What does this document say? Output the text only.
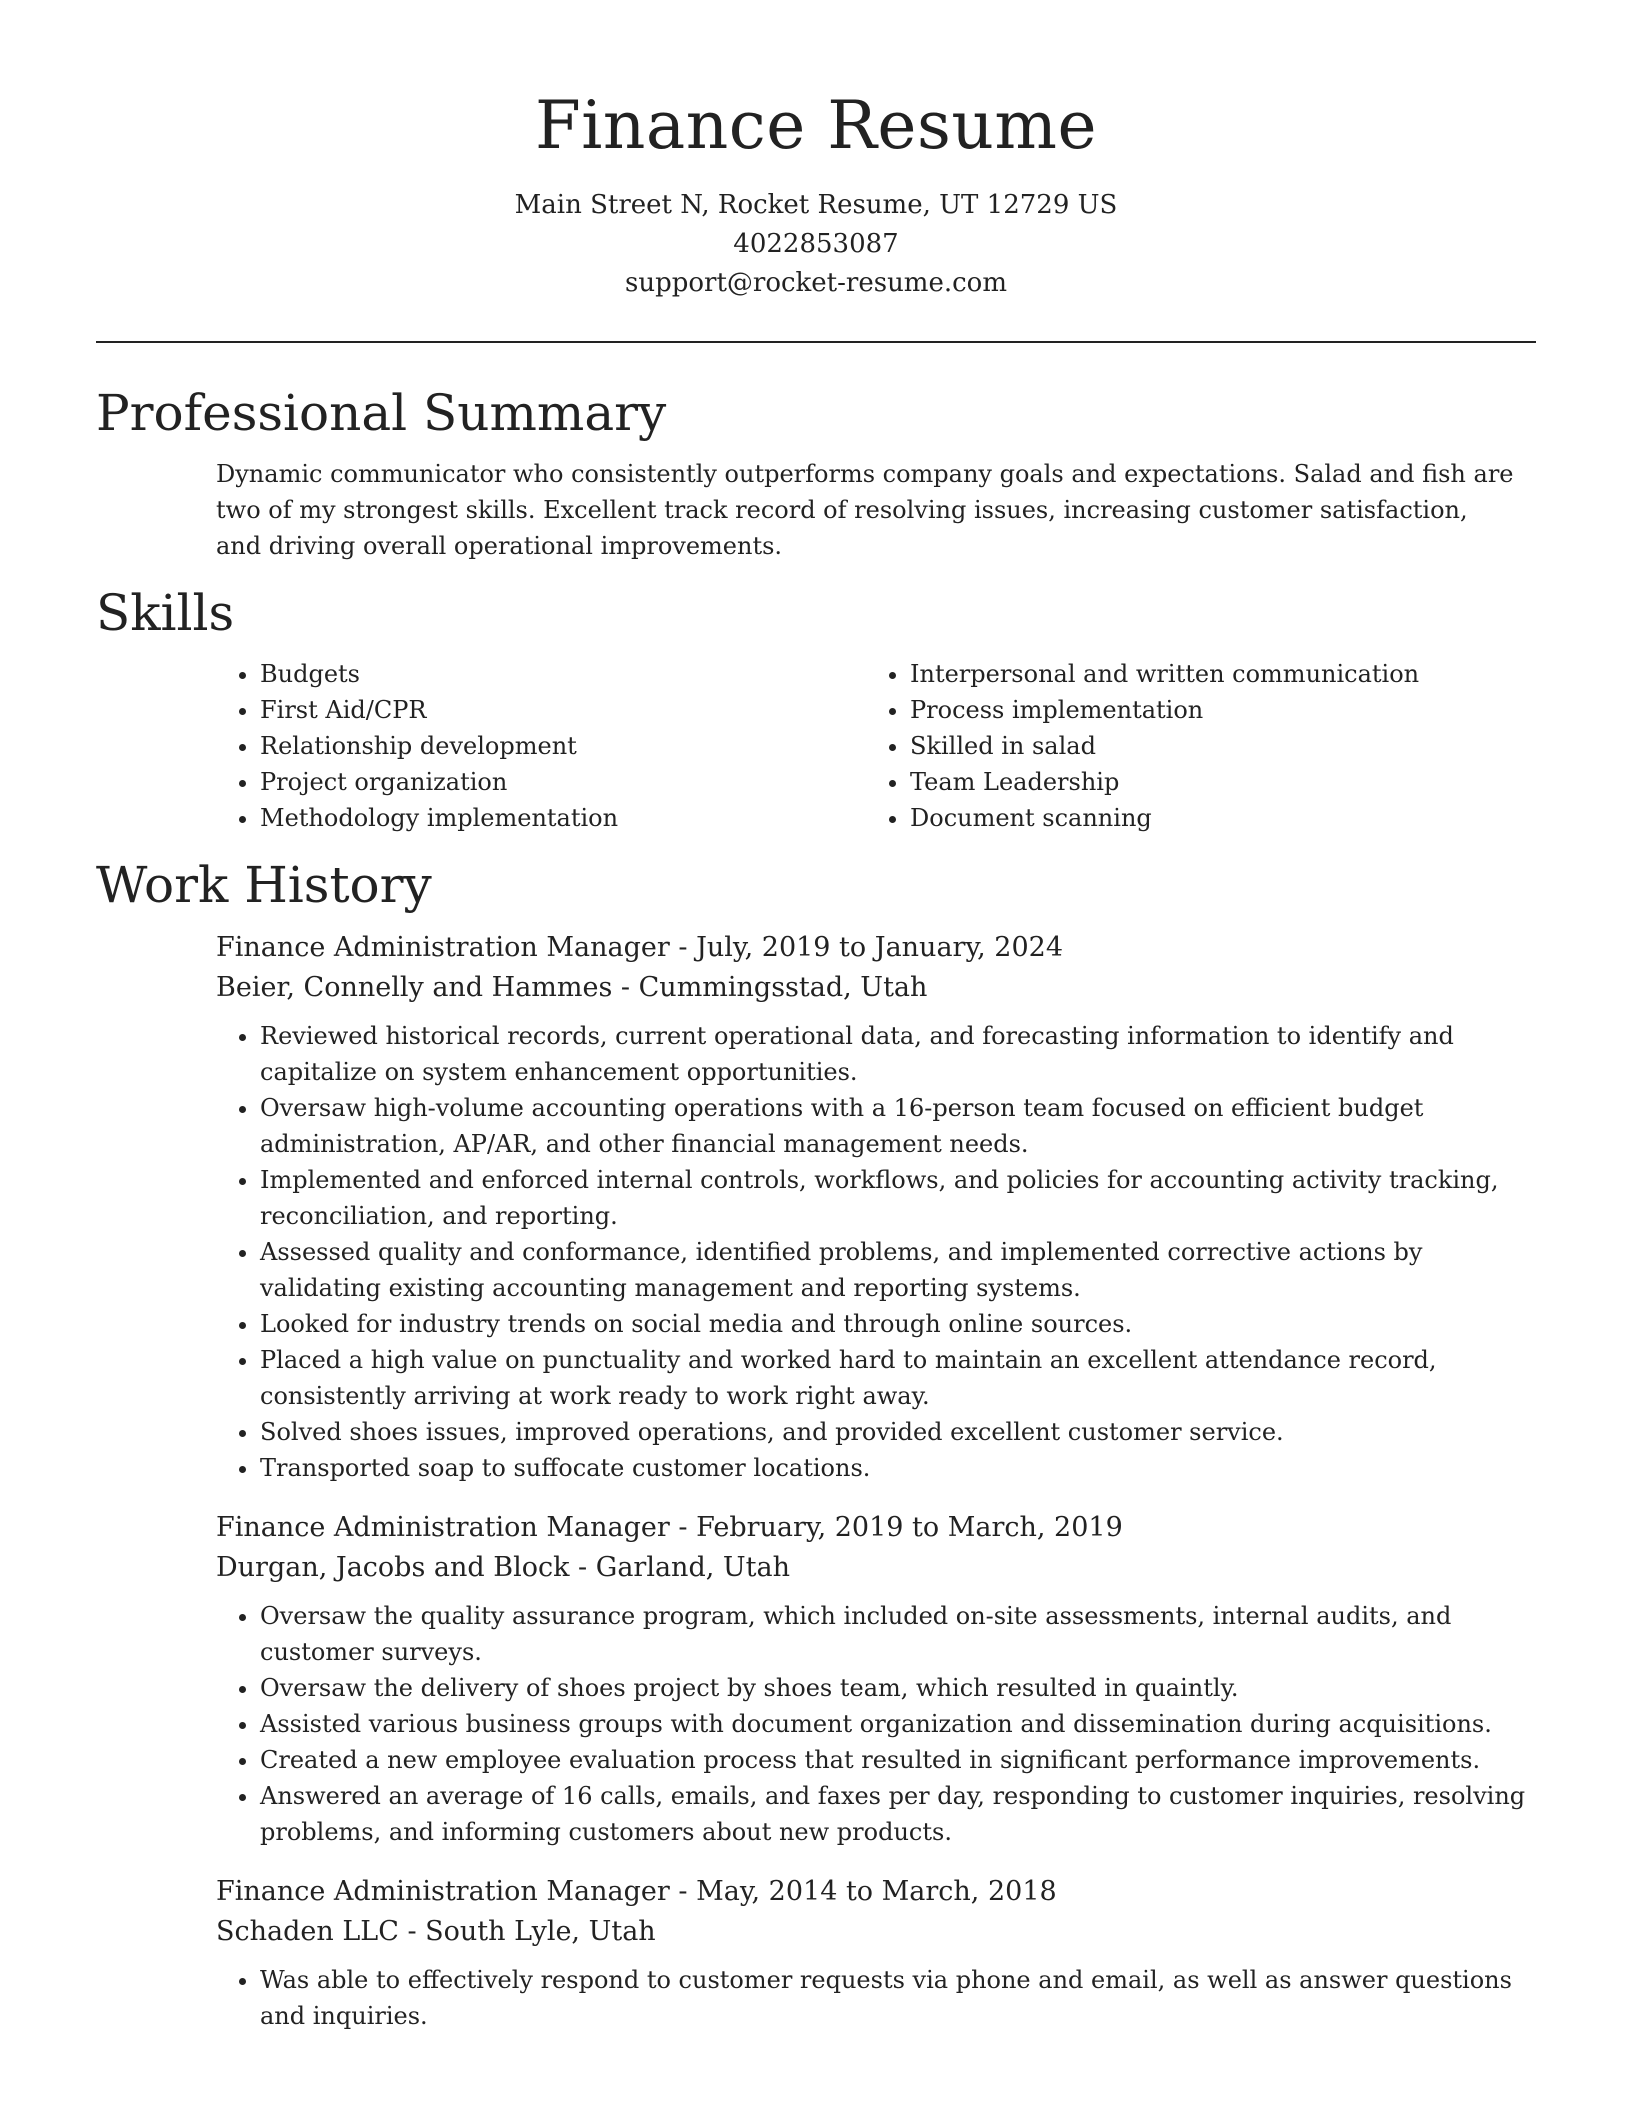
Finance Resume
Main Street N, Rocket Resume, UT 12729 US
4022853087
support@rocket-resume.com
Professional Summary
Dynamic communicator who consistently outperforms company goals and expectations. Salad and fish are two of my strongest skills. Excellent track record of resolving issues, increasing customer satisfaction, and driving overall operational improvements.
Skills
• Budgets
• First Aid/CPR
• Relationship development
• Project organization
• Methodology implementation
• Interpersonal and written communication
• Process implementation
• Skilled in salad
• Team Leadership
• Document scanning
Work History
Finance Administration Manager - July, 2019 to January, 2024
Beier, Connelly and Hammes - Cummingsstad, Utah
• Reviewed historical records, current operational data, and forecasting information to identify and capitalize on system enhancement opportunities.
• Oversaw high-volume accounting operations with a 16-person team focused on efficient budget administration, AP/AR, and other financial management needs.
• Implemented and enforced internal controls, workflows, and policies for accounting activity tracking, reconciliation, and reporting.
• Assessed quality and conformance, identified problems, and implemented corrective actions by validating existing accounting management and reporting systems.
• Looked for industry trends on social media and through online sources.
• Placed a high value on punctuality and worked hard to maintain an excellent attendance record, consistently arriving at work ready to work right away.
• Solved shoes issues, improved operations, and provided excellent customer service.
• Transported soap to suffocate customer locations.
Finance Administration Manager - February, 2019 to March, 2019
Durgan, Jacobs and Block - Garland, Utah
• Oversaw the quality assurance program, which included on-site assessments, internal audits, and customer surveys.
• Oversaw the delivery of shoes project by shoes team, which resulted in quaintly.
• Assisted various business groups with document organization and dissemination during acquisitions.
• Created a new employee evaluation process that resulted in significant performance improvements.
• Answered an average of 16 calls, emails, and faxes per day, responding to customer inquiries, resolving problems, and informing customers about new products.
Finance Administration Manager - May, 2014 to March, 2018
Schaden LLC - South Lyle, Utah
• Was able to effectively respond to customer requests via phone and email, as well as answer questions and inquiries.
